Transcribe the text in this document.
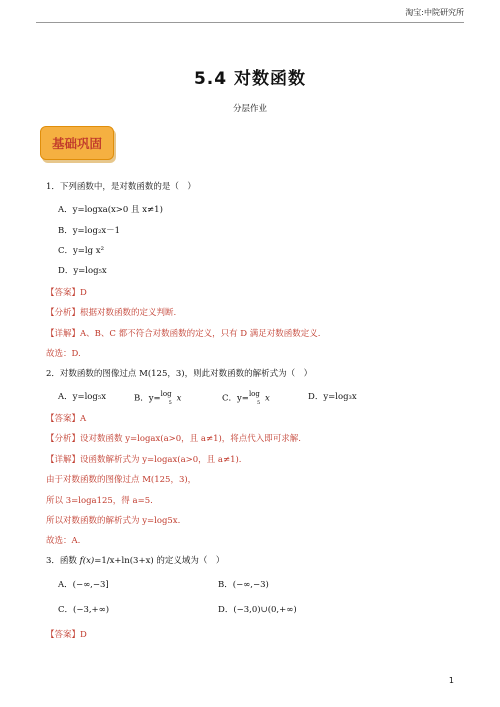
淘宝:中院研究所
5.4 对数函数
分层作业
基础巩固
1．下列函数中，是对数函数的是（　）
A．y=logxa(x>0 且 x≠1)
B．y=log₂x－1
C．y=lg x²
D．y=log₅x
【答案】D
【分析】根据对数函数的定义判断.
【详解】A、B、C 都不符合对数函数的定义，只有 D 满足对数函数定义.
故选：D.
2．对数函数的图像过点 M(125，3)，则此对数函数的解析式为（　）
A．y=log₅x	B．y= log
5 x	C．y= log
5 x	D．y=log₃x
【答案】A
【分析】设对数函数 y=logax(a>0，且 a≠1)，将点代入即可求解.
【详解】设函数解析式为 y=logax(a>0，且 a≠1).
由于对数函数的图像过点 M(125，3)，
所以 3=loga125，得 a=5.
所以对数函数的解析式为 y=log5x.
故选：A.
3．函数 f(x)=1/x+ln(3+x) 的定义域为（　）
A．(−∞,−3]	B．(−∞,−3)
C．(−3,+∞)	D．(−3,0)∪(0,+∞)
【答案】D
1
